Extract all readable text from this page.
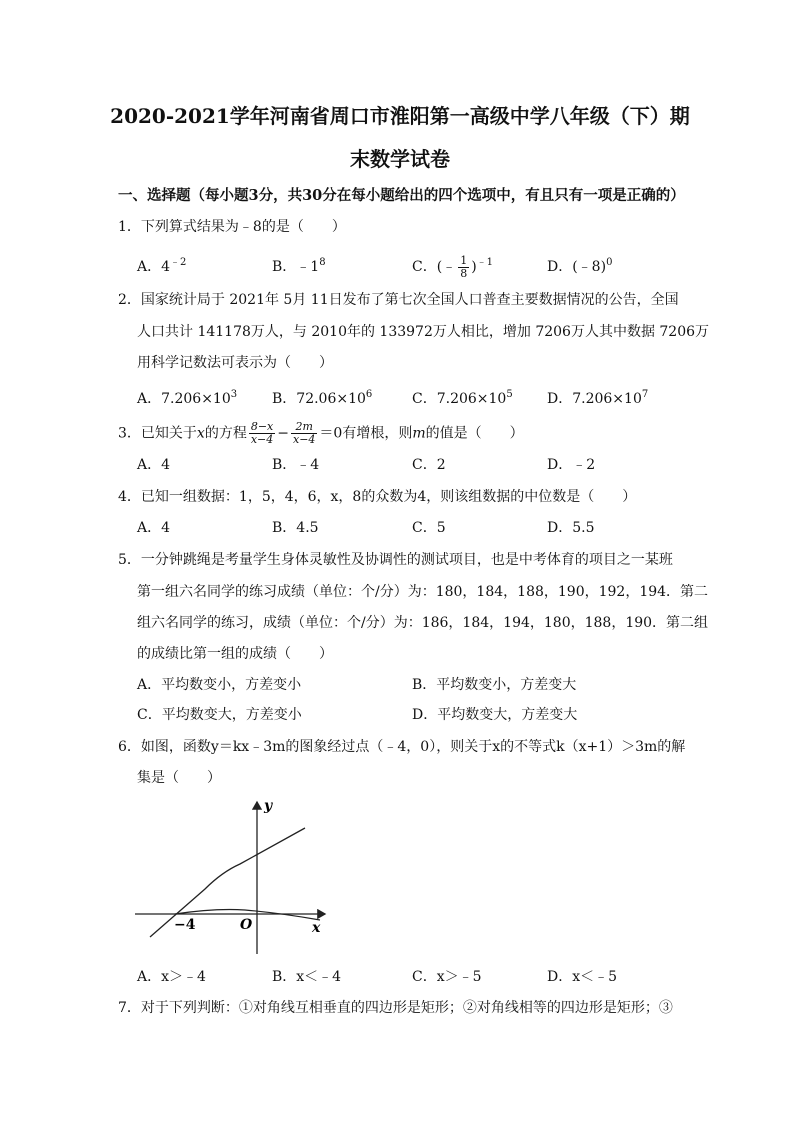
2020-2021学年河南省周口市淮阳第一高级中学八年级（下）期
末数学试卷
一、选择题（每小题3分，共30分在每小题给出的四个选项中，有且只有一项是正确的）
1．下列算式结果为﹣8的是（　　）
A．$4^{﹣2}$	B．$﹣1^8$	C．(﹣ $\frac{1}{8} )^{﹣1}$	D．(﹣8)$^0$
2．国家统计局于 2021年 5月 11日发布了第七次全国人口普查主要数据情况的公告，全国
人口共计 141178万人，与 2010年的 133972万人相比，增加 7206万人其中数据 7206万
用科学记数法可表示为（　　）
A．$7.206\times 10^3$ B．$72.06\times 10^6$	C．$7.206\times 10^5$ D．$7.206\times 10^7$
3．已知关于x的方程 $\frac{8-x}{x-4} - \frac{2m}{x-4} =0$有增根，则m的值是（　　）
A．4	B．﹣4	C．2	D．﹣2
4．已知一组数据：1，5，4，6，x，8的众数为4，则该组数据的中位数是（　　）
A．4	B．4.5	C．5	D．5.5
5．一分钟跳绳是考量学生身体灵敏性及协调性的测试项目，也是中考体育的项目之一某班
第一组六名同学的练习成绩（单位：个/分）为：180，184，188，190，192，194．第二
组六名同学的练习，成绩（单位：个/分）为：186，184，194，180，188，190．第二组
的成绩比第一组的成绩（　　）
A．平均数变小，方差变小	B．平均数变小，方差变大
C．平均数变大，方差变小	D．平均数变大，方差变大
6．如图，函数y＝kx﹣3m的图象经过点（﹣4，0），则关于x的不等式k（x+1）＞3m的解
集是（　　）
y
x
O
−4
A．x＞﹣4	B．x＜﹣4	C．x＞﹣5	D．x＜﹣5
7．对于下列判断：①对角线互相垂直的四边形是矩形；②对角线相等的四边形是矩形；③
